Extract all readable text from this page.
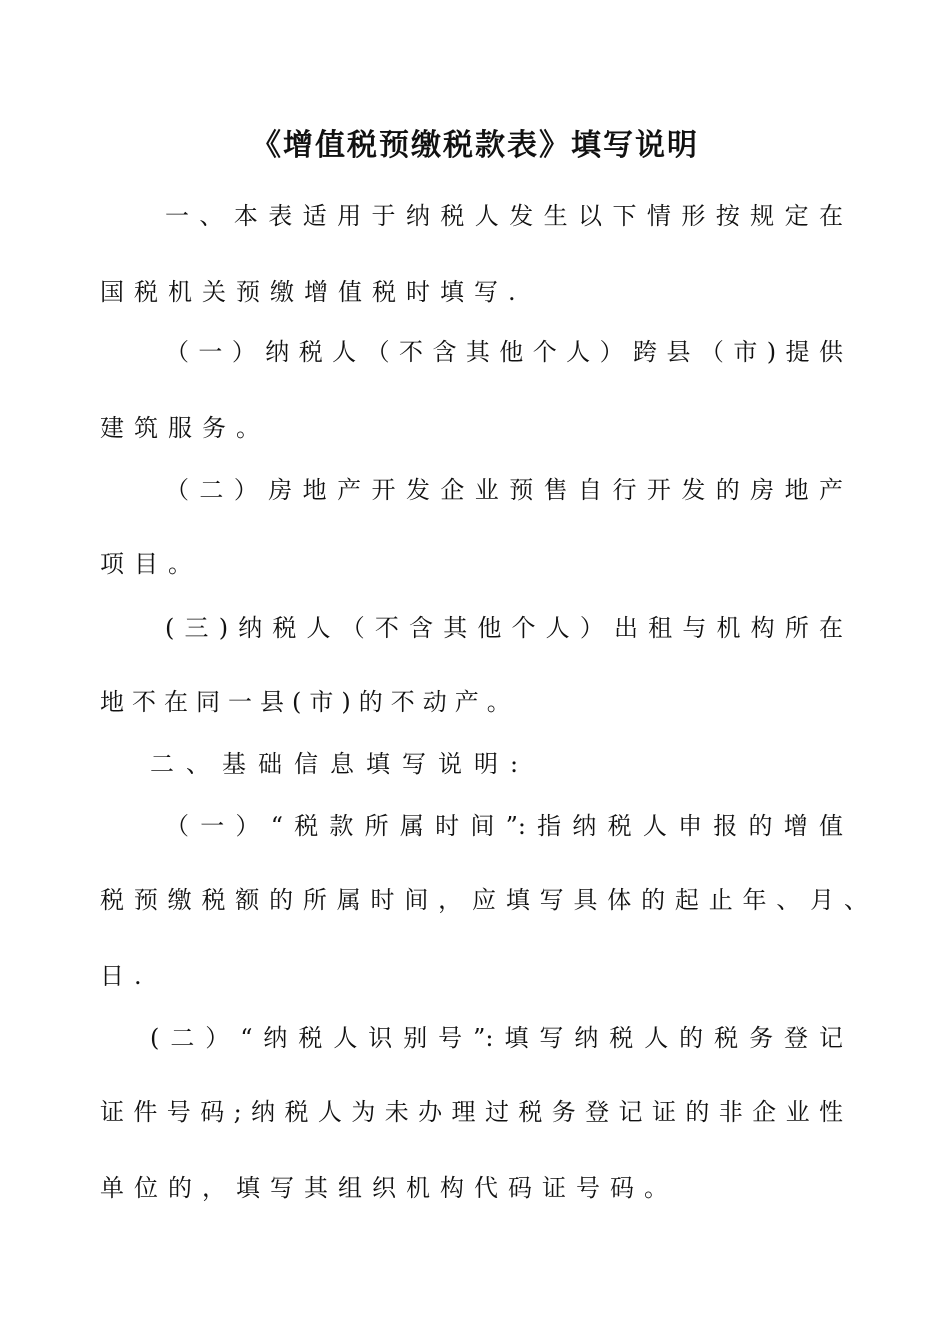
《增值税预缴税款表》填写说明
一、本表适用于纳税人发生以下情形按规定在
国税机关预缴增值税时填写.
（一）纳税人（不含其他个人）跨县（市)提供
建筑服务。
（二）房地产开发企业预售自行开发的房地产
项目。
(三)纳税人（不含其他个人）出租与机构所在
地不在同一县(市)的不动产。
二、基础信息填写说明:
（一）“税款所属时间”:指纳税人申报的增值
税预缴税额的所属时间，应填写具体的起止年、月、
日.
(二）“纳税人识别号”:填写纳税人的税务登记
证件号码;纳税人为未办理过税务登记证的非企业性
单位的，填写其组织机构代码证号码。
